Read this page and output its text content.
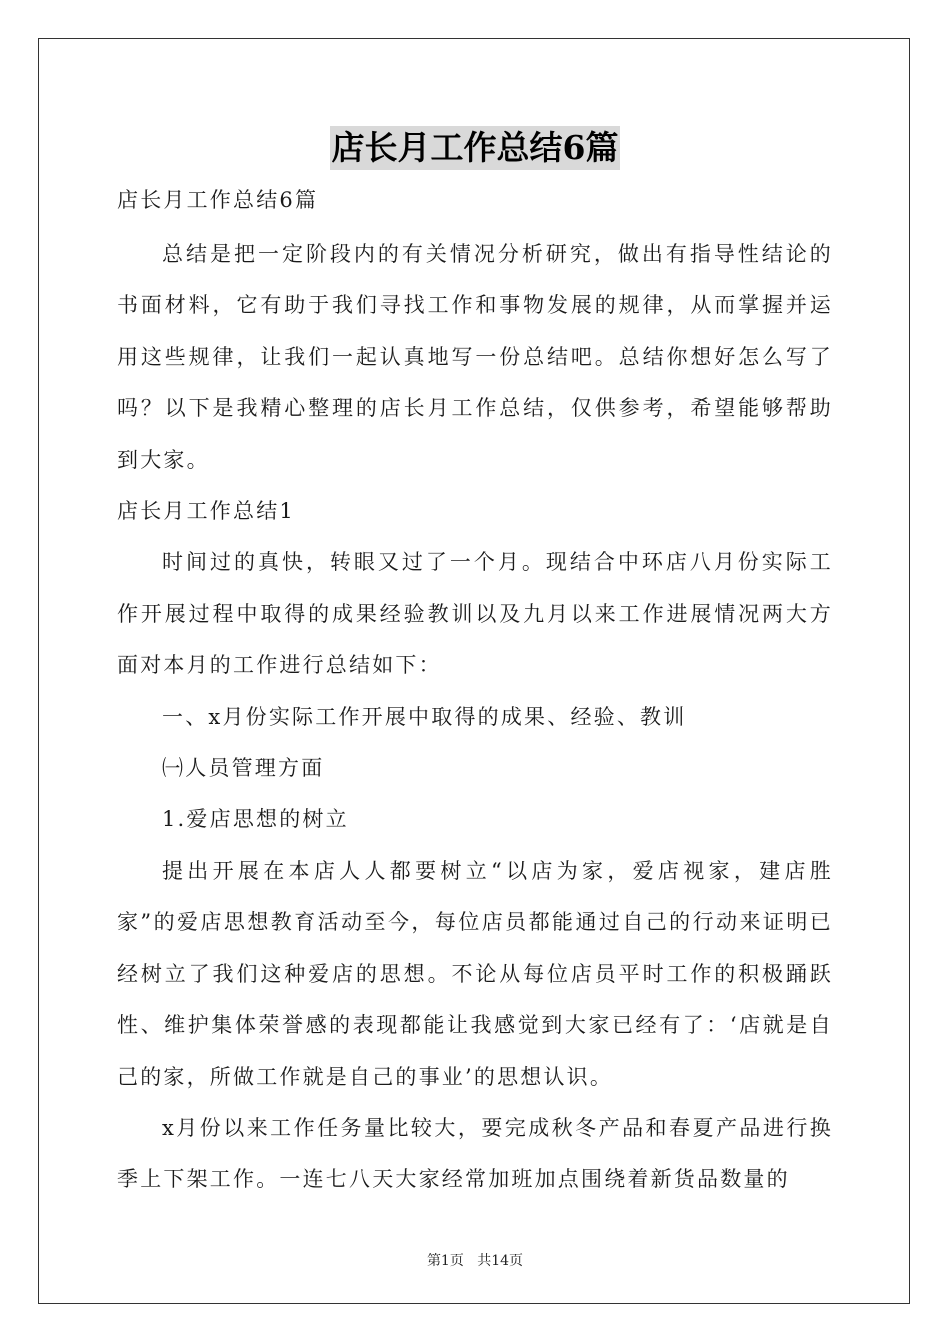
店长月工作总结6篇

店长月工作总结6篇

总结是把一定阶段内的有关情况分析研究，做出有指导性结论的书面材料，它有助于我们寻找工作和事物发展的规律，从而掌握并运用这些规律，让我们一起认真地写一份总结吧。总结你想好怎么写了吗？以下是我精心整理的店长月工作总结，仅供参考，希望能够帮助到大家。

店长月工作总结1

时间过的真快，转眼又过了一个月。现结合中环店八月份实际工作开展过程中取得的成果经验教训以及九月以来工作进展情况两大方面对本月的工作进行总结如下：

一、x月份实际工作开展中取得的成果、经验、教训

㈠人员管理方面

1.爱店思想的树立

提出开展在本店人人都要树立“以店为家，爱店视家，建店胜家”的爱店思想教育活动至今，每位店员都能通过自己的行动来证明已经树立了我们这种爱店的思想。不论从每位店员平时工作的积极踊跃性、维护集体荣誉感的表现都能让我感觉到大家已经有了：‘店就是自己的家，所做工作就是自己的事业’的思想认识。

x月份以来工作任务量比较大，要完成秋冬产品和春夏产品进行换季上下架工作。一连七八天大家经常加班加点围绕着新货品数量的

第1页 共14页
